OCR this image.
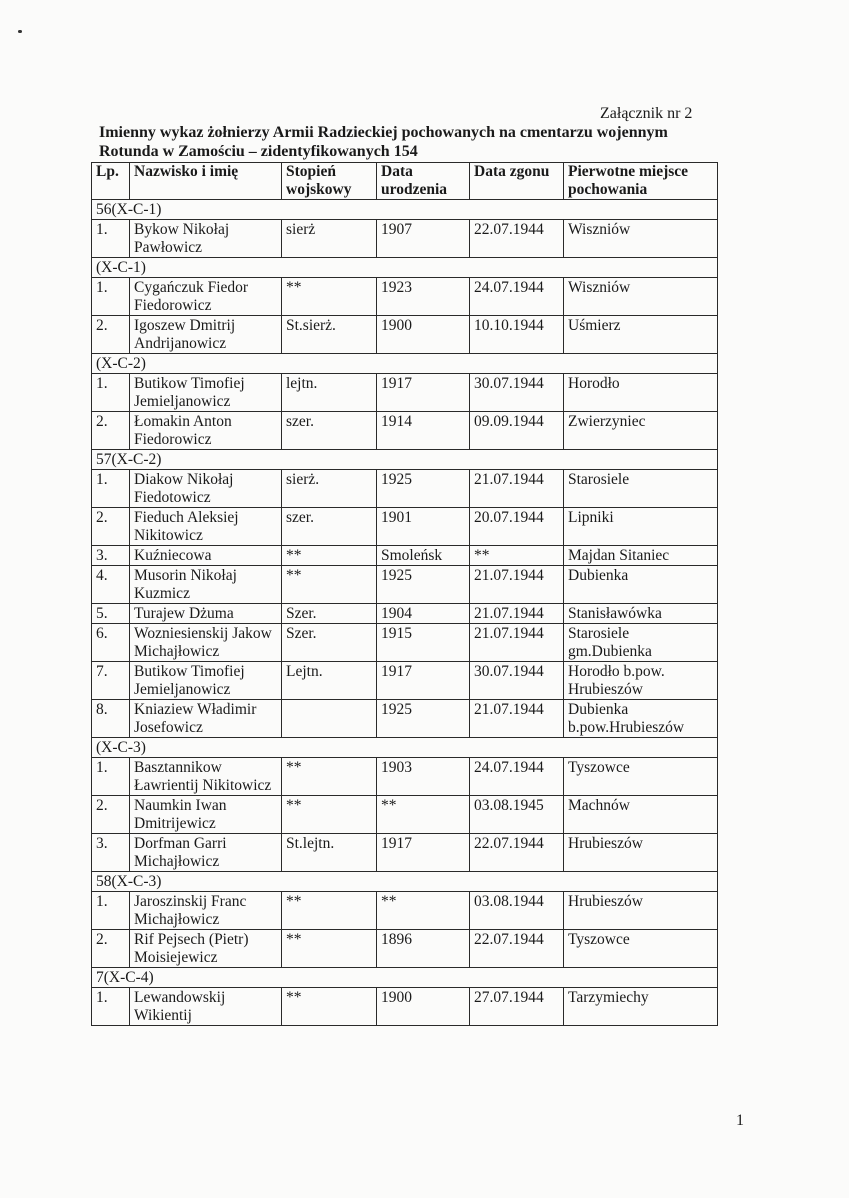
Załącznik nr 2
Imienny wykaz żołnierzy Armii Radzieckiej pochowanych na cmentarzu wojennym
Rotunda w Zamościu – zidentyfikowanych 154
Lp.	Nazwisko i imię	Stopień wojskowy	Data urodzenia	Data zgonu	Pierwotne miejsce pochowania
56(X-C-1)					
1.	Bykow Nikołaj Pawłowicz	sierż	1907	22.07.1944	Wiszniów
(X-C-1)					
1.	Cygańczuk Fiedor Fiedorowicz	**	1923	24.07.1944	Wiszniów
2.	Igoszew Dmitrij Andrijanowicz	St.sierż.	1900	10.10.1944	Uśmierz
(X-C-2)					
1.	Butikow Timofiej Jemieljanowicz	lejtn.	1917	30.07.1944	Horodło
2.	Łomakin Anton Fiedorowicz	szer.	1914	09.09.1944	Zwierzyniec
57(X-C-2)					
1.	Diakow Nikołaj Fiedotowicz	sierż.	1925	21.07.1944	Starosiele
2.	Fieduch Aleksiej Nikitowicz	szer.	1901	20.07.1944	Lipniki
3.	Kuźniecowa	**	Smoleńsk	**	Majdan Sitaniec
4.	Musorin Nikołaj Kuzmicz	**	1925	21.07.1944	Dubienka
5.	Turajew Dżuma	Szer.	1904	21.07.1944	Stanisławówka
6.	Wozniesienskij Jakow Michajłowicz	Szer.	1915	21.07.1944	Starosiele gm.Dubienka
7.	Butikow Timofiej Jemieljanowicz	Lejtn.	1917	30.07.1944	Horodło b.pow. Hrubieszów
8.	Kniaziew Władimir Josefowicz		1925	21.07.1944	Dubienka b.pow.Hrubieszów
(X-C-3)					
1.	Basztannikow Ławrientij Nikitowicz	**	1903	24.07.1944	Tyszowce
2.	Naumkin Iwan Dmitrijewicz	**	**	03.08.1945	Machnów
3.	Dorfman Garri Michajłowicz	St.lejtn.	1917	22.07.1944	Hrubieszów
58(X-C-3)					
1.	Jaroszinskij Franc Michajłowicz	**	**	03.08.1944	Hrubieszów
2.	Rif Pejsech (Pietr) Moisiejewicz	**	1896	22.07.1944	Tyszowce
7(X-C-4)					
1.	Lewandowskij Wikientij	**	1900	27.07.1944	Tarzymiechy
1
